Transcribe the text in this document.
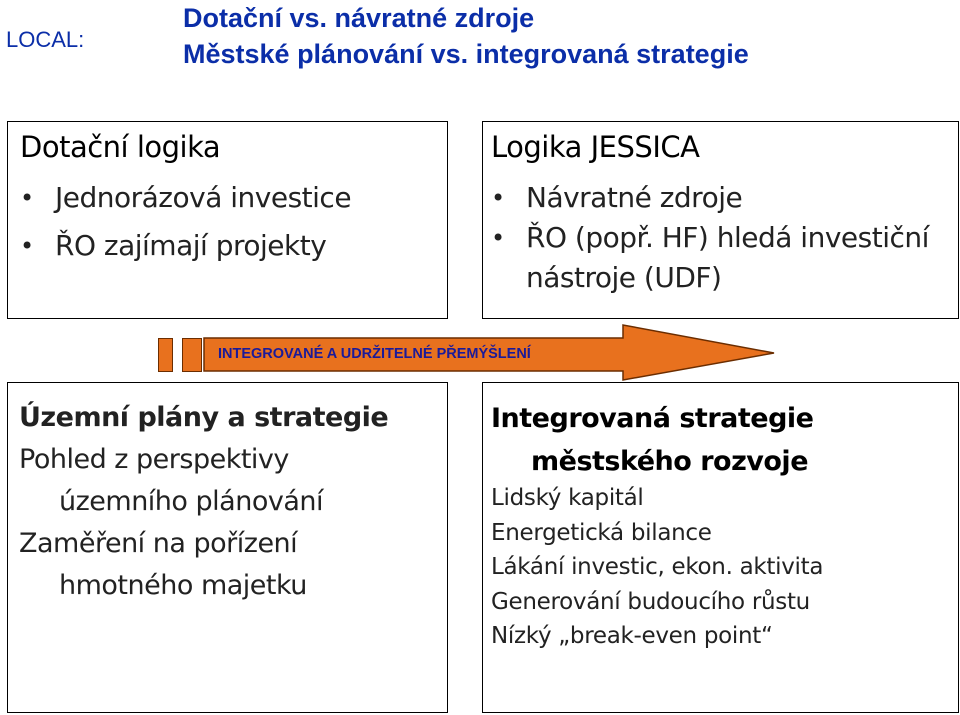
LOCAL:
Dotační vs. návratné zdroje
Městské plánování vs. integrovaná strategie
Dotační logika
• Jednorázová investice
• ŘO zajímají projekty
Logika JESSICA
• Návratné zdroje
• ŘO (popř. HF) hledá investiční
nástroje (UDF)
INTEGROVANÉ A UDRŽITELNÉ PŘEMÝŠLENÍ
Územní plány a strategie
Pohled z perspektivy
územního plánování
Zaměření na pořízení
hmotného majetku
Integrovaná strategie
městského rozvoje
Lidský kapitál
Energetická bilance
Lákání investic, ekon. aktivita
Generování budoucího růstu
Nízký „break-even point“
